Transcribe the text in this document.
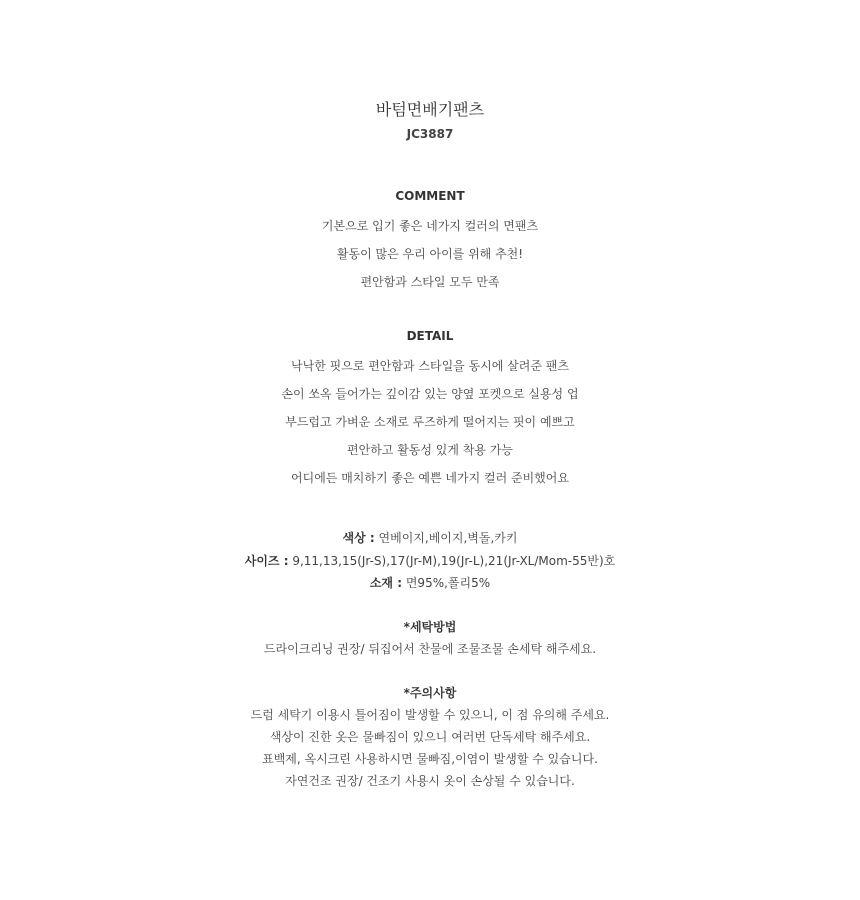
바텀면배기팬츠
JC3887
COMMENT
기본으로 입기 좋은 네가지 컬러의 면팬츠
활동이 많은 우리 아이를 위해 추천!
편안함과 스타일 모두 만족
DETAIL
낙낙한 핏으로 편안함과 스타일을 동시에 살려준 팬츠
손이 쏘옥 들어가는 깊이감 있는 양옆 포켓으로 실용성 업
부드럽고 가벼운 소재로 루즈하게 떨어지는 핏이 예쁘고
편안하고 활동성 있게 착용 가능
어디에든 매치하기 좋은 예쁜 네가지 컬러 준비했어요
색상 : 연베이지,베이지,벽돌,카키
사이즈 : 9,11,13,15(Jr-S),17(Jr-M),19(Jr-L),21(Jr-XL/Mom-55반)호
소재 : 면95%,폴리5%
*세탁방법
드라이크리닝 권장/ 뒤집어서 찬물에 조물조물 손세탁 해주세요.
*주의사항
드럼 세탁기 이용시 틀어짐이 발생할 수 있으니, 이 점 유의해 주세요.
색상이 진한 옷은 물빠짐이 있으니 여러번 단독세탁 해주세요.
표백제, 옥시크린 사용하시면 물빠짐,이염이 발생할 수 있습니다.
자연건조 권장/ 건조기 사용시 옷이 손상될 수 있습니다.
